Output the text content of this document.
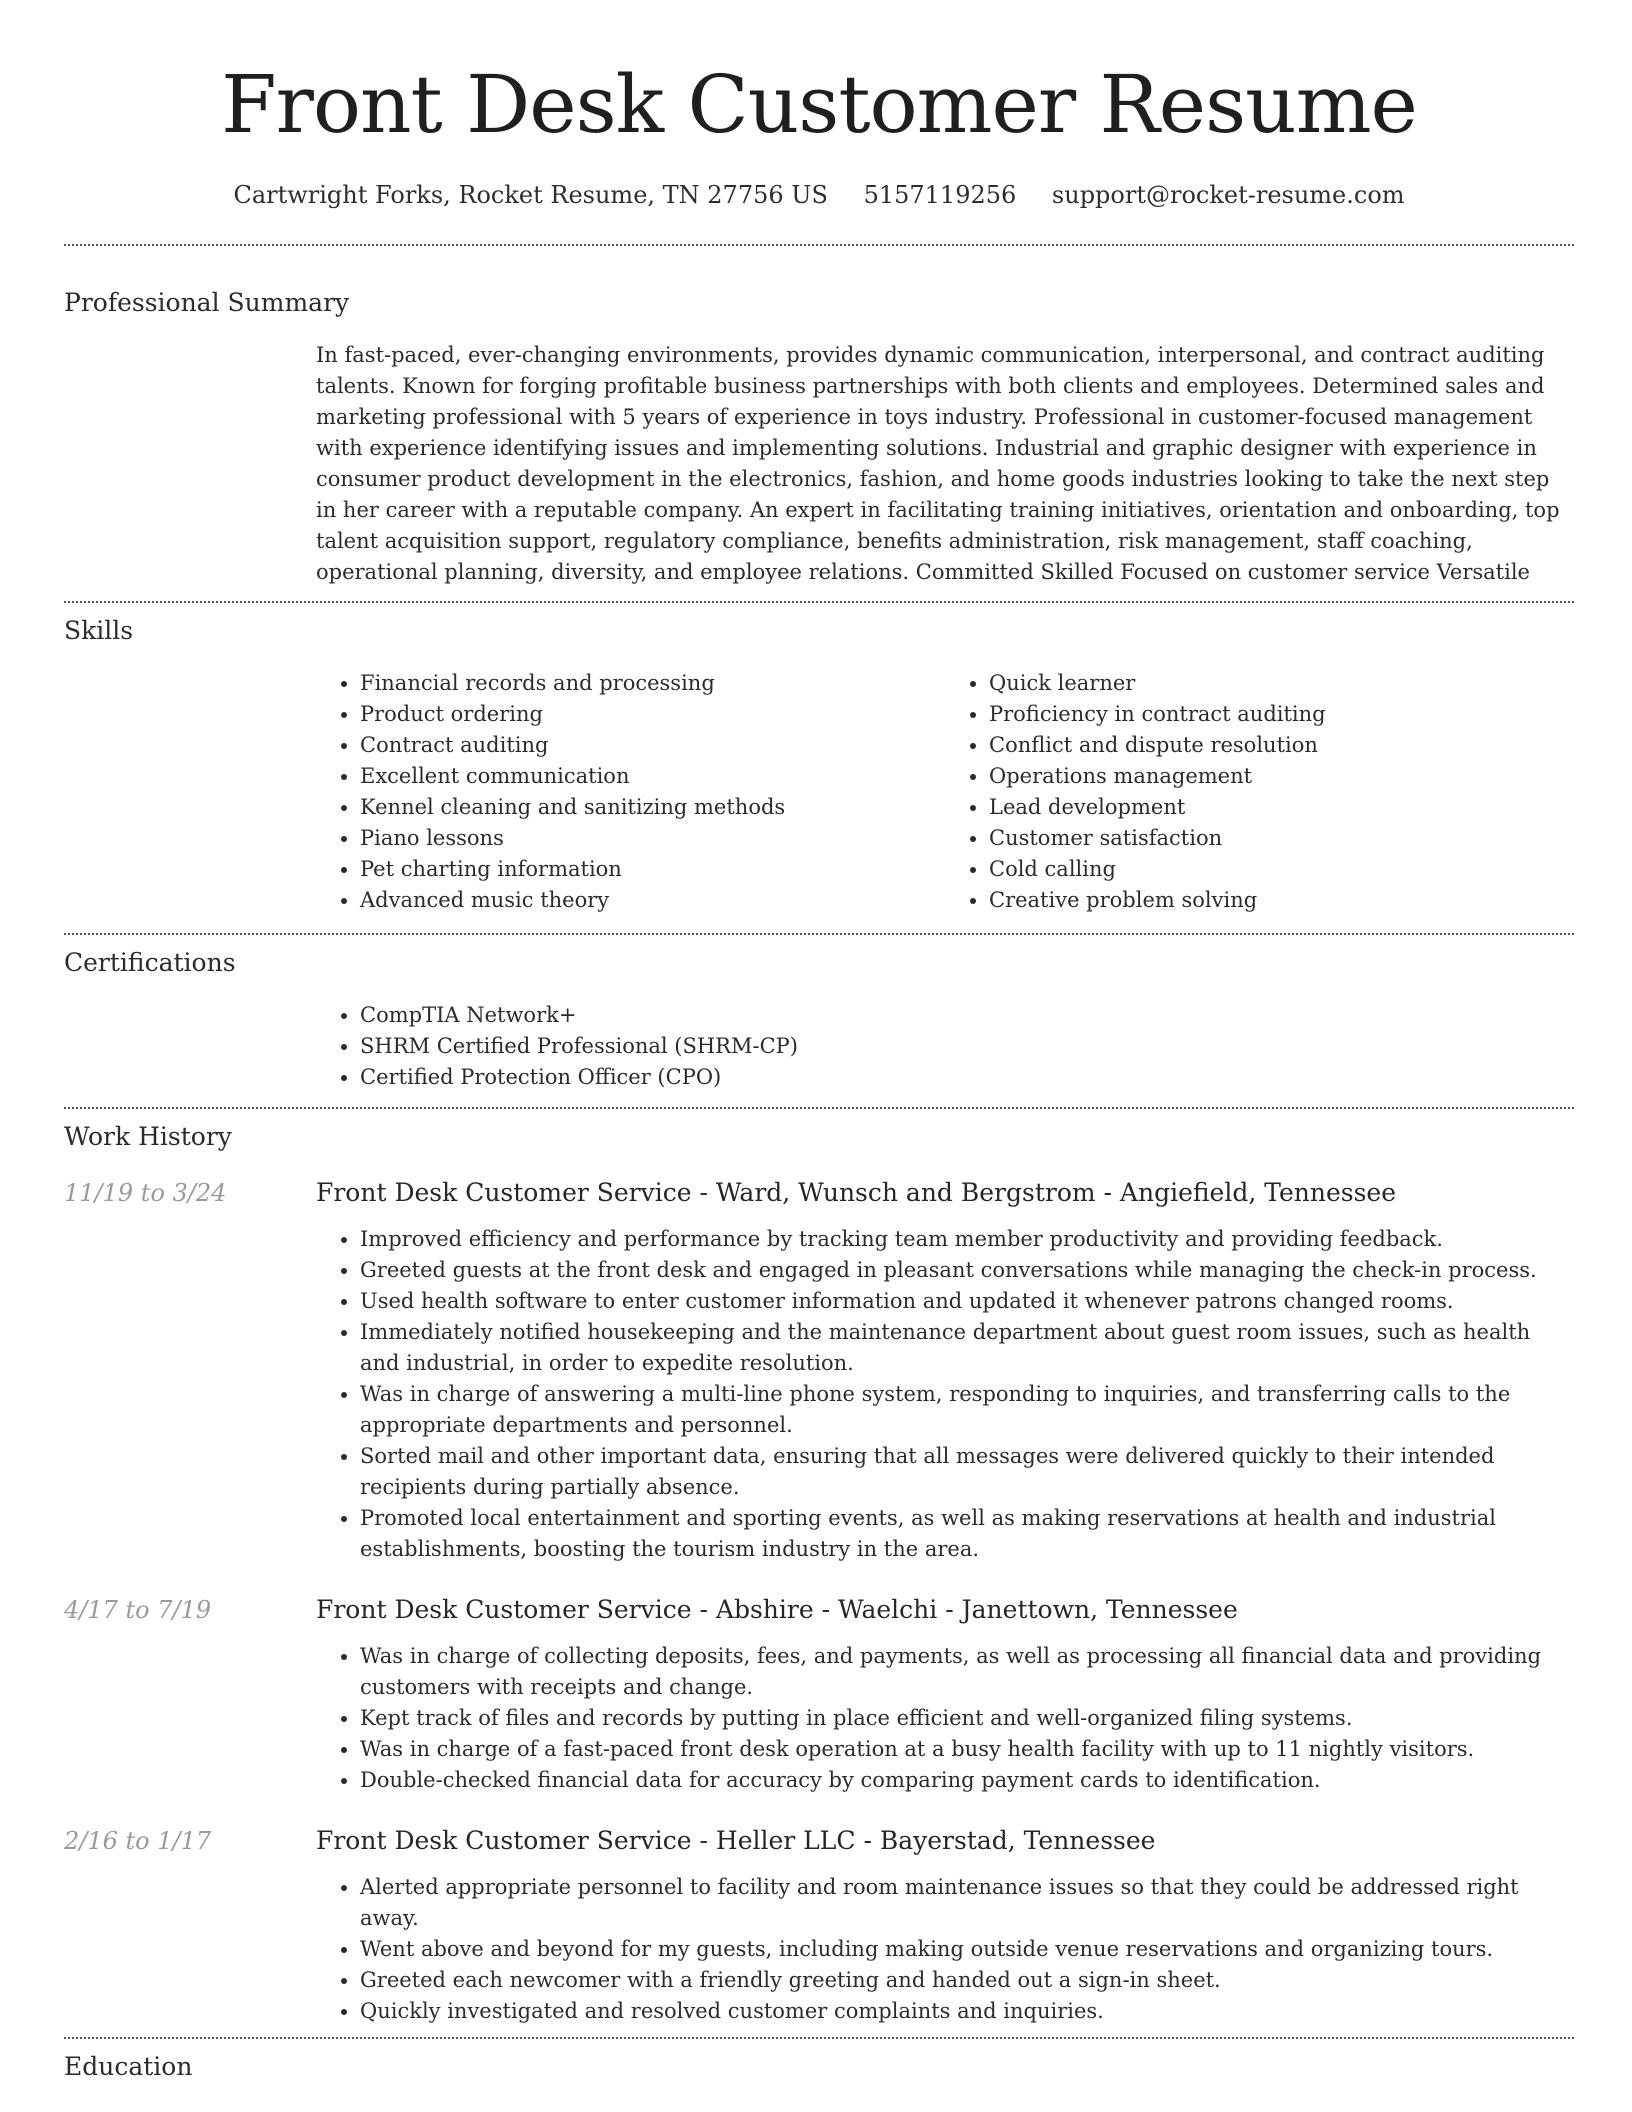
Front Desk Customer Resume
Cartwright Forks, Rocket Resume, TN 27756 US 5157119256 support@rocket-resume.com
Professional Summary

In fast-paced, ever-changing environments, provides dynamic communication, interpersonal, and contract auditing talents. Known for forging profitable business partnerships with both clients and employees. Determined sales and marketing professional with 5 years of experience in toys industry. Professional in customer-focused management with experience identifying issues and implementing solutions. Industrial and graphic designer with experience in consumer product development in the electronics, fashion, and home goods industries looking to take the next step in her career with a reputable company. An expert in facilitating training initiatives, orientation and onboarding, top talent acquisition support, regulatory compliance, benefits administration, risk management, staff coaching, operational planning, diversity, and employee relations. Committed Skilled Focused on customer service Versatile

Skills
• Financial records and processing
• Product ordering
• Contract auditing
• Excellent communication
• Kennel cleaning and sanitizing methods
• Piano lessons
• Pet charting information
• Advanced music theory
• Quick learner
• Proficiency in contract auditing
• Conflict and dispute resolution
• Operations management
• Lead development
• Customer satisfaction
• Cold calling
• Creative problem solving
Certifications
• CompTIA Network+
• SHRM Certified Professional (SHRM-CP)
• Certified Protection Officer (CPO)
Work History
11/19 to 3/24	Front Desk Customer Service - Ward, Wunsch and Bergstrom - Angiefield, Tennessee
• Improved efficiency and performance by tracking team member productivity and providing feedback.
• Greeted guests at the front desk and engaged in pleasant conversations while managing the check-in process.
• Used health software to enter customer information and updated it whenever patrons changed rooms.
• Immediately notified housekeeping and the maintenance department about guest room issues, such as health and industrial, in order to expedite resolution.
• Was in charge of answering a multi-line phone system, responding to inquiries, and transferring calls to the appropriate departments and personnel.
• Sorted mail and other important data, ensuring that all messages were delivered quickly to their intended recipients during partially absence.
• Promoted local entertainment and sporting events, as well as making reservations at health and industrial establishments, boosting the tourism industry in the area.
4/17 to 7/19	Front Desk Customer Service - Abshire - Waelchi - Janettown, Tennessee
• Was in charge of collecting deposits, fees, and payments, as well as processing all financial data and providing customers with receipts and change.
• Kept track of files and records by putting in place efficient and well-organized filing systems.
• Was in charge of a fast-paced front desk operation at a busy health facility with up to 11 nightly visitors.
• Double-checked financial data for accuracy by comparing payment cards to identification.
2/16 to 1/17	Front Desk Customer Service - Heller LLC - Bayerstad, Tennessee
• Alerted appropriate personnel to facility and room maintenance issues so that they could be addressed right away.
• Went above and beyond for my guests, including making outside venue reservations and organizing tours.
• Greeted each newcomer with a friendly greeting and handed out a sign-in sheet.
• Quickly investigated and resolved customer complaints and inquiries.
Education
